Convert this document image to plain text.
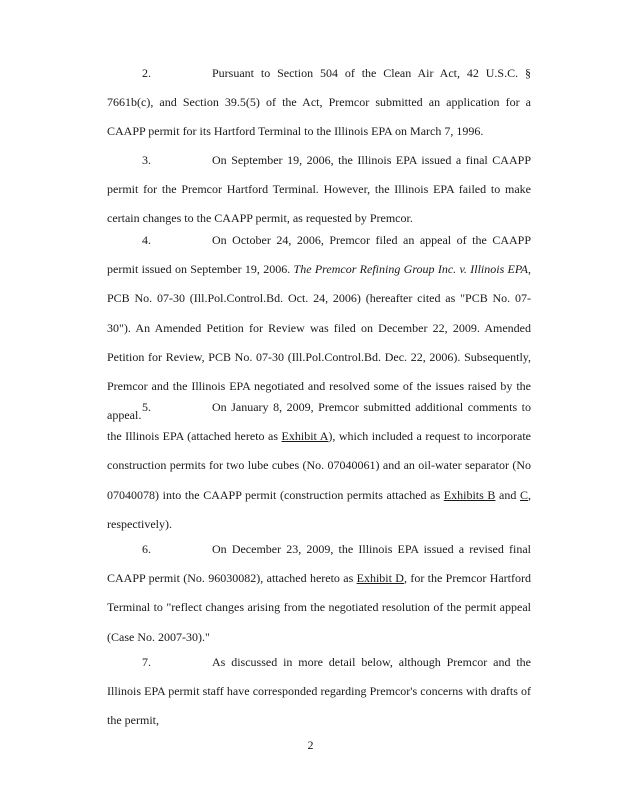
2.	Pursuant to Section 504 of the Clean Air Act, 42 U.S.C. § 7661b(c), and Section 39.5(5) of the Act, Premcor submitted an application for a CAAPP permit for its Hartford Terminal to the Illinois EPA on March 7, 1996.
3.	On September 19, 2006, the Illinois EPA issued a final CAAPP permit for the Premcor Hartford Terminal. However, the Illinois EPA failed to make certain changes to the CAAPP permit, as requested by Premcor.
4.	On October 24, 2006, Premcor filed an appeal of the CAAPP permit issued on September 19, 2006. The Premcor Refining Group Inc. v. Illinois EPA, PCB No. 07-30 (Ill.Pol.Control.Bd. Oct. 24, 2006) (hereafter cited as "PCB No. 07-30"). An Amended Petition for Review was filed on December 22, 2009. Amended Petition for Review, PCB No. 07-30 (Ill.Pol.Control.Bd. Dec. 22, 2006). Subsequently, Premcor and the Illinois EPA negotiated and resolved some of the issues raised by the appeal.
5.	On January 8, 2009, Premcor submitted additional comments to the Illinois EPA (attached hereto as Exhibit A), which included a request to incorporate construction permits for two lube cubes (No. 07040061) and an oil-water separator (No 07040078) into the CAAPP permit (construction permits attached as Exhibits B and C, respectively).
6.	On December 23, 2009, the Illinois EPA issued a revised final CAAPP permit (No. 96030082), attached hereto as Exhibit D, for the Premcor Hartford Terminal to "reflect changes arising from the negotiated resolution of the permit appeal (Case No. 2007-30)."
7.	As discussed in more detail below, although Premcor and the Illinois EPA permit staff have corresponded regarding Premcor's concerns with drafts of the permit,
2
